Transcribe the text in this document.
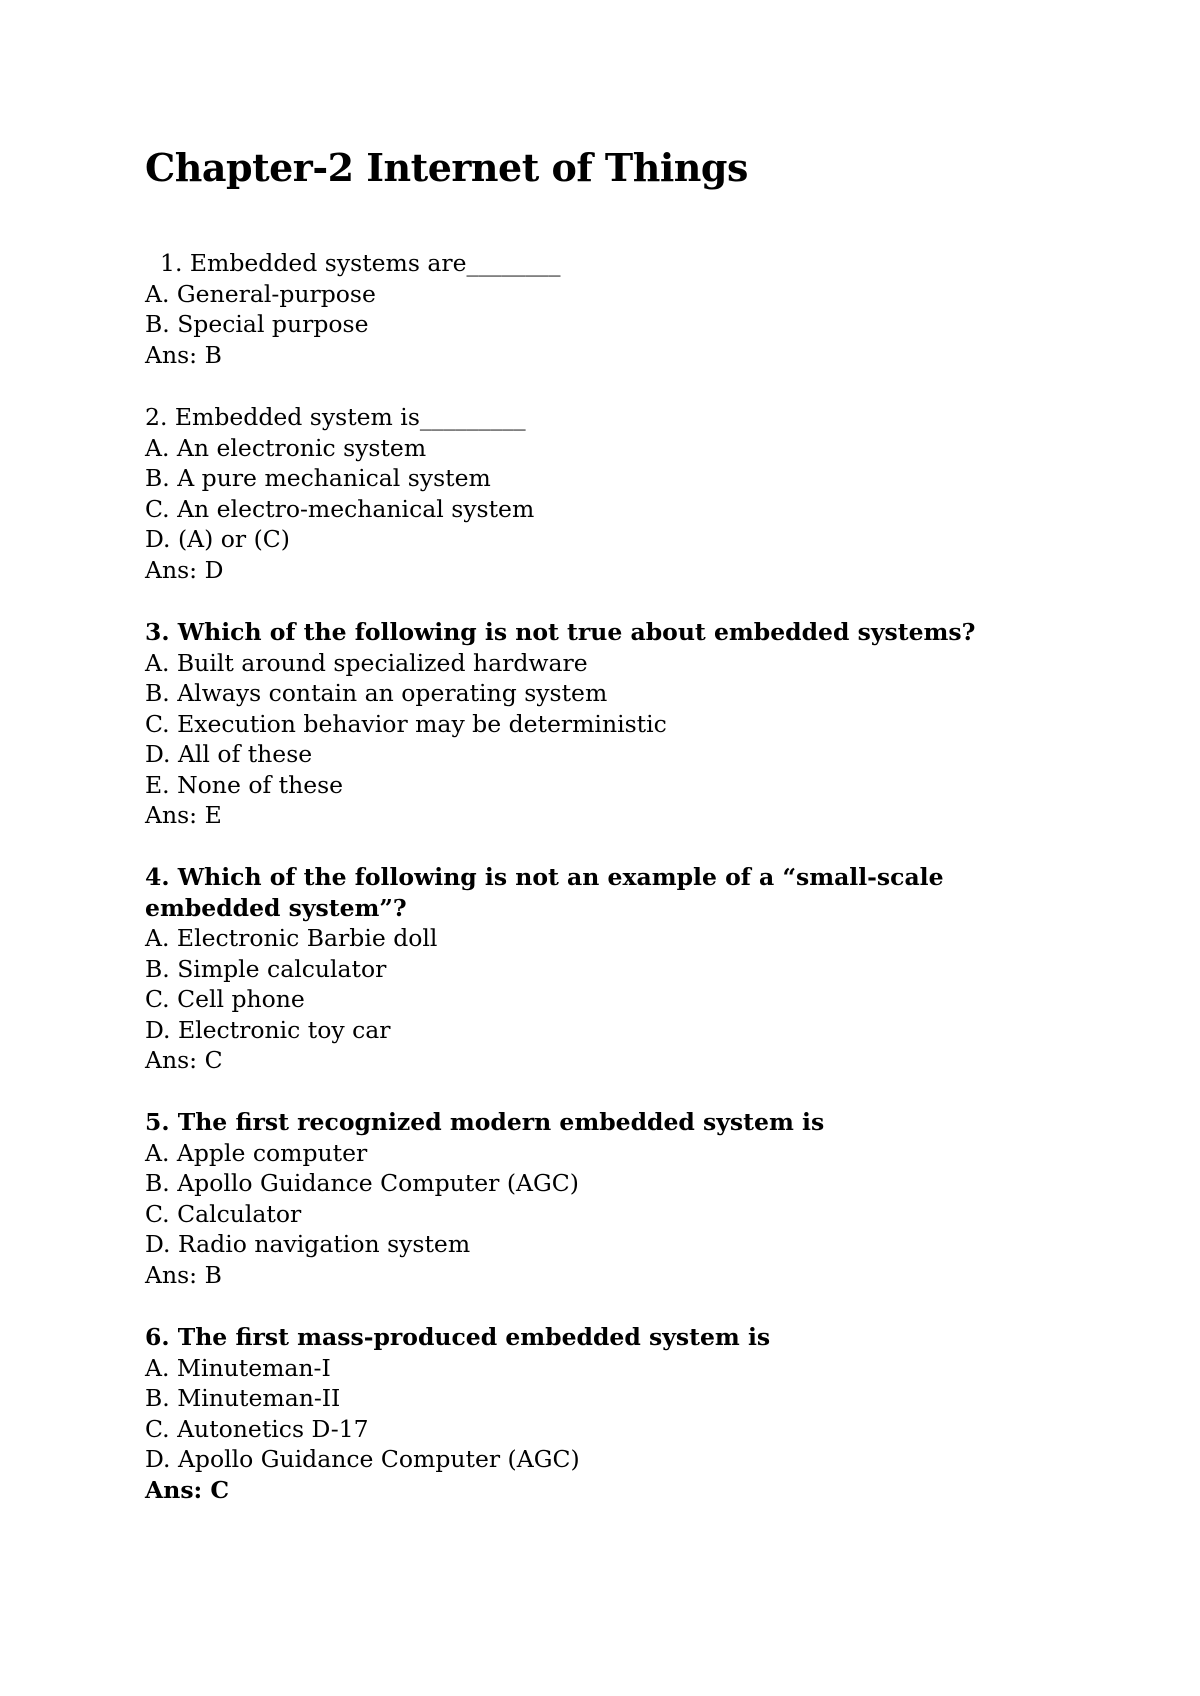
Chapter-2 Internet of Things
1. Embedded systems are________
A. General-purpose
B. Special purpose
Ans: B
2. Embedded system is_________
A. An electronic system
B. A pure mechanical system
C. An electro-mechanical system
D. (A) or (C)
Ans: D
3. Which of the following is not true about embedded systems?
A. Built around specialized hardware
B. Always contain an operating system
C. Execution behavior may be deterministic
D. All of these
E. None of these
Ans: E
4. Which of the following is not an example of a “small-scale embedded system”?
A. Electronic Barbie doll
B. Simple calculator
C. Cell phone
D. Electronic toy car
Ans: C
5. The first recognized modern embedded system is
A. Apple computer
B. Apollo Guidance Computer (AGC)
C. Calculator
D. Radio navigation system
Ans: B
6. The first mass-produced embedded system is
A. Minuteman-I
B. Minuteman-II
C. Autonetics D-17
D. Apollo Guidance Computer (AGC)
Ans: C
